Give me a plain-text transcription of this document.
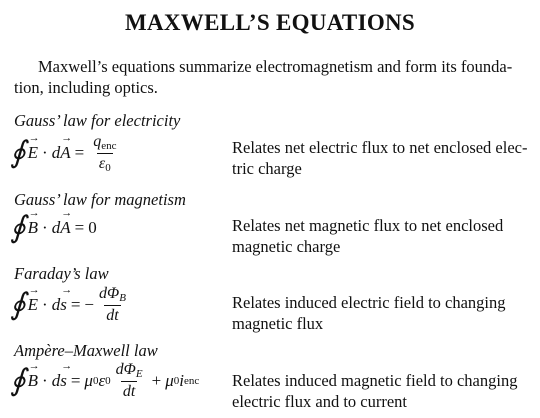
MAXWELL’S EQUATIONS
Maxwell’s equations summarize electromagnetism and form its founda-
tion, including optics.
Gauss’ law for electricity
∮
→ E · d
→ $A = \frac{q_{enc}}{\varepsilon_0}$	Relates net electric flux to net enclosed elec-
tric charge
Gauss’ law for magnetism
∮
→ B · d
→ A = 0	Relates net magnetic flux to net enclosed
magnetic charge
Faraday’s law
∮
→ E · d
→ s = − $\frac{d\Phi_B}{dt}$	Relates induced electric field to changing
magnetic flux
Ampère–Maxwell law
∮
→ B · d
→ s = μ 0 ε $0 \frac{d\Phi_E}{dt} + \mu$ 0 i enc Relates induced magnetic field to changing
electric flux and to current
